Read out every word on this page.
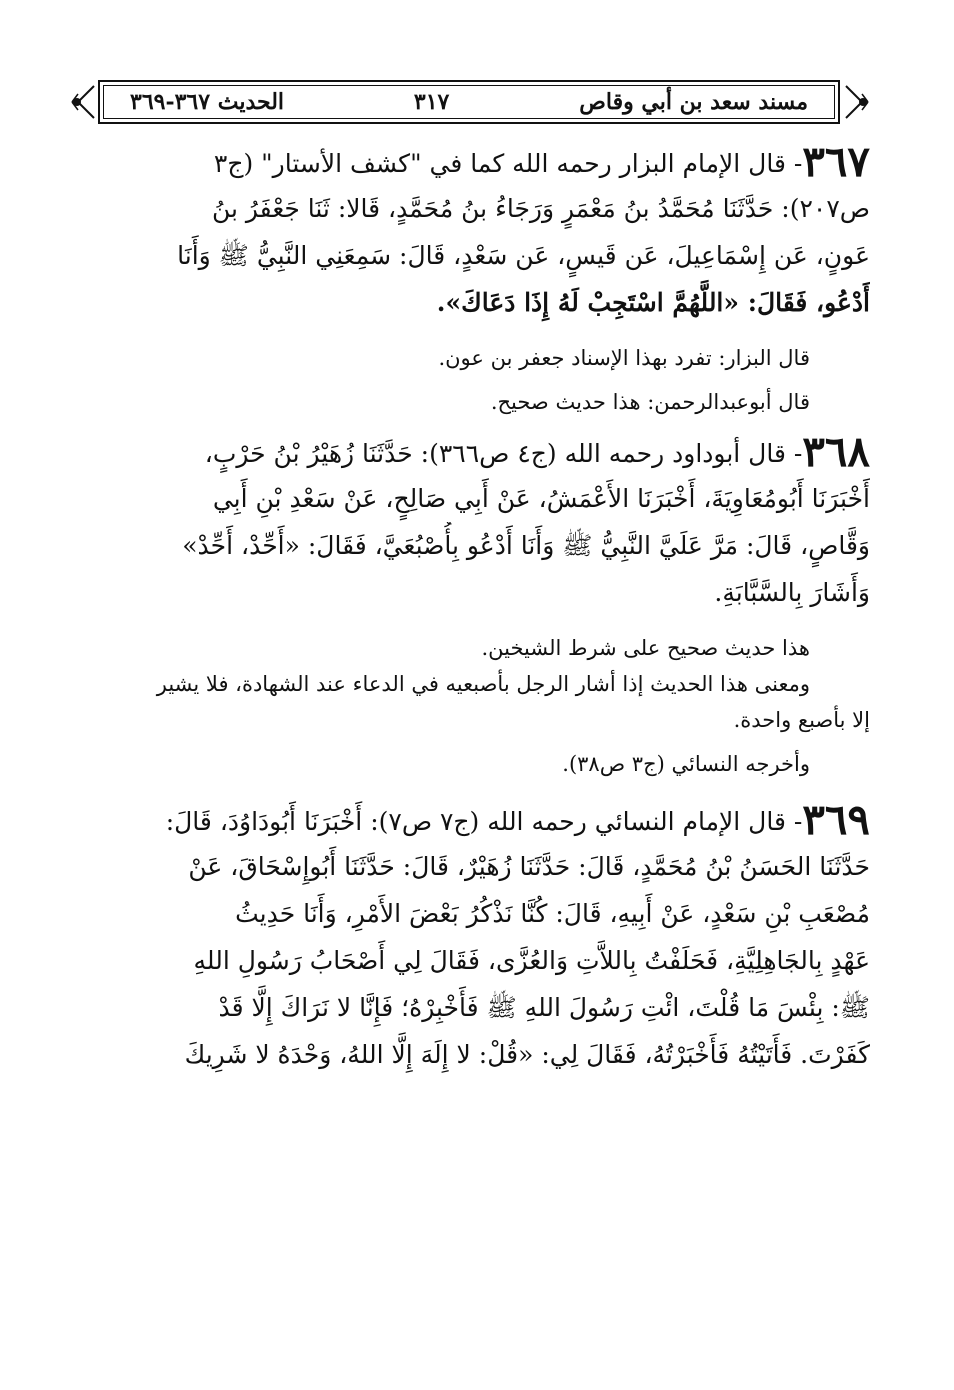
مسند سعد بن أبي وقاص
٣١٧
الحديث ٣٦٧-٣٦٩
٣٦٧- قال الإمام البزار رحمه الله كما في "كشف الأستار" (ج٣
ص٢٠٧): حَدَّثَنَا مُحَمَّدُ بنُ مَعْمَرٍ وَرَجَاءُ بنُ مُحَمَّدٍ، قَالا: ثَنَا جَعْفَرُ بنُ
عَونٍ، عَن إِسْمَاعِيلَ، عَن قَيسٍ، عَن سَعْدٍ، قَالَ: سَمِعَنِي النَّبِيُّ ﷺ وَأَنَا
أَدْعُو، فَقَالَ: «اللَّهُمَّ اسْتَجِبْ لَهُ إِذَا دَعَاكَ».
قال البزار: تفرد بهذا الإسناد جعفر بن عون.
قال أبوعبدالرحمن: هذا حديث صحيح.
٣٦٨- قال أبوداود رحمه الله (ج٤ ص٣٦٦): حَدَّثَنَا زُهَيْرُ بْنُ حَرْبٍ،
أَخْبَرَنَا أَبُومُعَاوِيَةَ، أَخْبَرَنَا الأَعْمَشُ، عَنْ أَبِي صَالِحٍ، عَنْ سَعْدِ بْنِ أَبِي
وَقَّاصٍ، قَالَ: مَرَّ عَلَيَّ النَّبِيُّ ﷺ وَأَنَا أَدْعُو بِأُصْبُعَيَّ، فَقَالَ: «أَحِّدْ، أَحِّدْ»
وَأَشَارَ بِالسَّبَّابَةِ.
هذا حديث صحيح على شرط الشيخين.
ومعنى هذا الحديث إذا أشار الرجل بأصبعيه في الدعاء عند الشهادة، فلا يشير
إلا بأصبع واحدة.
وأخرجه النسائي (ج٣ ص٣٨).
٣٦٩- قال الإمام النسائي رحمه الله (ج٧ ص٧): أَخْبَرَنَا أَبُودَاوُدَ، قَالَ:
حَدَّثَنَا الحَسَنُ بْنُ مُحَمَّدٍ، قَالَ: حَدَّثَنَا زُهَيْرٌ، قَالَ: حَدَّثَنَا أَبُوإِسْحَاقَ، عَنْ
مُصْعَبِ بْنِ سَعْدٍ، عَنْ أَبِيهِ، قَالَ: كُنَّا نَذْكُرُ بَعْضَ الأَمْرِ، وَأَنَا حَدِيثُ
عَهْدٍ بِالجَاهِلِيَّةِ، فَحَلَفْتُ بِاللاَّتِ وَالعُزَّى، فَقَالَ لِي أَصْحَابُ رَسُولِ اللهِ
ﷺ: بِئْسَ مَا قُلْتَ، ائْتِ رَسُولَ اللهِ ﷺ فَأَخْبِرْهُ؛ فَإِنَّا لا نَرَاكَ إِلَّا قَدْ
كَفَرْتَ. فَأَتَيْتُهُ فَأَخْبَرْتُهُ، فَقَالَ لِي: «قُلْ: لا إِلَهَ إِلَّا اللهُ، وَحْدَهُ لا شَرِيكَ
